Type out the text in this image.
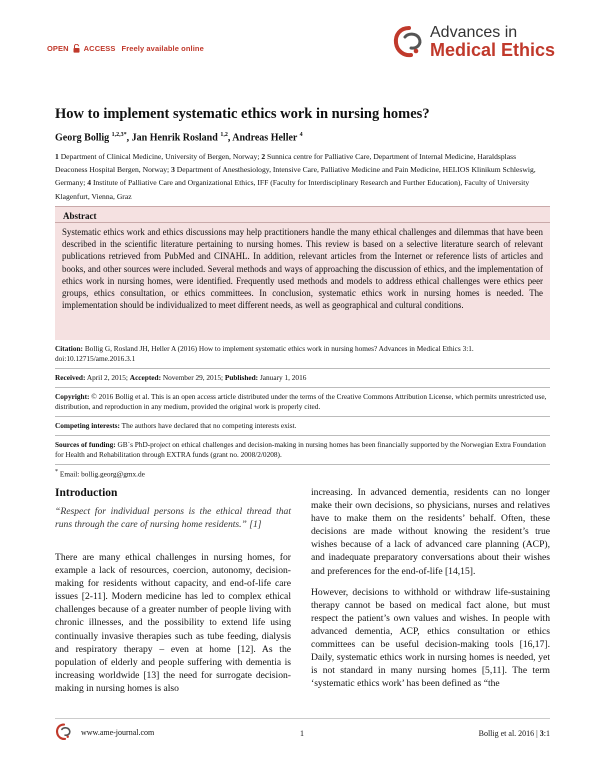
OPEN ACCESS Freely available online
Advances in
Medical Ethics
How to implement systematic ethics work in nursing homes?
Georg Bollig $^{1,2,3*}$, Jan Henrik Rosland $^{1,2}$, Andreas Heller $^4$
1 Department of Clinical Medicine, University of Bergen, Norway; 2 Sunnica centre for Palliative Care, Department of Internal Medicine, Haraldsplass Deaconess Hospital Bergen, Norway; 3 Department of Anesthesiology, Intensive Care, Palliative Medicine and Pain Medicine, HELIOS Klinikum Schleswig, Germany; 4 Institute of Palliative Care and Organizational Ethics, IFF (Faculty for Interdisciplinary Research and Further Education), Faculty of University Klagenfurt, Vienna, Graz
Abstract
Systematic ethics work and ethics discussions may help practitioners handle the many ethical challenges and dilemmas that have been described in the scientific literature pertaining to nursing homes. This review is based on a selective literature search of relevant publications retrieved from PubMed and CINAHL. In addition, relevant articles from the Internet or reference lists of articles and books, and other sources were included. Several methods and ways of approaching the discussion of ethics, and the implementation of ethics work in nursing homes, were identified. Frequently used methods and models to address ethical challenges were ethics peer groups, ethics consultation, or ethics committees. In conclusion, systematic ethics work in nursing homes is needed. The implementation should be individualized to meet different needs, as well as geographical and cultural conditions.
Citation: Bollig G, Rosland JH, Heller A (2016) How to implement systematic ethics work in nursing homes? Advances in Medical Ethics 3:1. doi:10.12715/ame.2016.3.1
Received: April 2, 2015; Accepted: November 29, 2015; Published: January 1, 2016
Copyright: © 2016 Bollig et al. This is an open access article distributed under the terms of the Creative Commons Attribution License, which permits unrestricted use, distribution, and reproduction in any medium, provided the original work is properly cited.
Competing interests: The authors have declared that no competing interests exist.
Sources of funding: GB´s PhD-project on ethical challenges and decision-making in nursing homes has been financially supported by the Norwegian Extra Foundation for Health and Rehabilitation through EXTRA funds (grant no. 2008/2/0208).
* Email: bollig.georg@gmx.de
Introduction
“Respect for individual persons is the ethical thread that runs through the care of nursing home residents.” [1]

There are many ethical challenges in nursing homes, for example a lack of resources, coercion, autonomy, decision-making for residents without capacity, and end-of-life care issues [2-11]. Modern medicine has led to complex ethical challenges because of a greater number of people living with chronic illnesses, and the possibility to extend life using continually invasive therapies such as tube feeding, dialysis and respiratory therapy – even at home [12]. As the population of elderly and people suffering with dementia is increasing worldwide [13] the need for surrogate decision-making in nursing homes is also

increasing. In advanced dementia, residents can no longer make their own decisions, so physicians, nurses and relatives have to make them on the residents’ behalf. Often, these decisions are made without knowing the resident’s true wishes because of a lack of advanced care planning (ACP), and inadequate preparatory conversations about their wishes and preferences for the end-of-life [14,15].

However, decisions to withhold or withdraw life-sustaining therapy cannot be based on medical fact alone, but must respect the patient’s own values and wishes. In people with advanced dementia, ACP, ethics consultation or ethics committees can be useful decision-making tools [16,17]. Daily, systematic ethics work in nursing homes is needed, yet is not standard in many nursing homes [5,11]. The term ‘systematic ethics work’ has been defined as “the

www.ame-journal.com	1	Bollig et al. 2016 | 3:1
